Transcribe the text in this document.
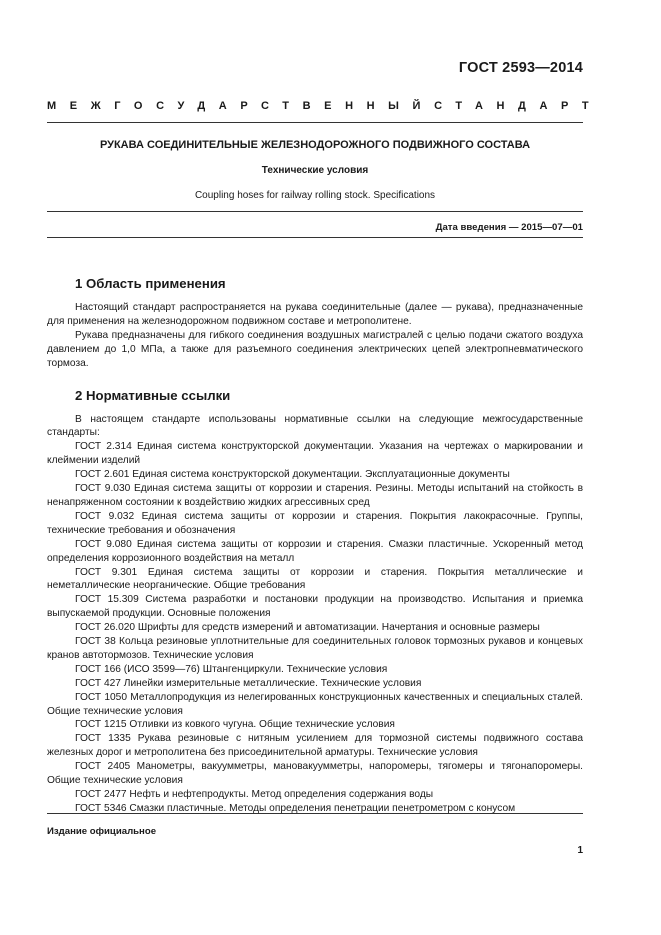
ГОСТ 2593—2014
МЕЖГОСУДАРСТВЕННЫЙ СТАНДАРТ
РУКАВА СОЕДИНИТЕЛЬНЫЕ ЖЕЛЕЗНОДОРОЖНОГО ПОДВИЖНОГО СОСТАВА
Технические условия
Coupling hoses for railway rolling stock. Specifications
Дата введения — 2015—07—01
1 Область применения

Настоящий стандарт распространяется на рукава соединительные (далее — рукава), предназначенные для применения на железнодорожном подвижном составе и метрополитене.

Рукава предназначены для гибкого соединения воздушных магистралей с целью подачи сжатого воздуха давлением до 1,0 МПа, а также для разъемного соединения электрических цепей электропневматического тормоза.

2 Нормативные ссылки

В настоящем стандарте использованы нормативные ссылки на следующие межгосударственные стандарты:

ГОСТ 2.314 Единая система конструкторской документации. Указания на чертежах о маркировании и клеймении изделий

ГОСТ 2.601 Единая система конструкторской документации. Эксплуатационные документы

ГОСТ 9.030 Единая система защиты от коррозии и старения. Резины. Методы испытаний на стойкость в ненапряженном состоянии к воздействию жидких агрессивных сред

ГОСТ 9.032 Единая система защиты от коррозии и старения. Покрытия лакокрасочные. Группы, технические требования и обозначения

ГОСТ 9.080 Единая система защиты от коррозии и старения. Смазки пластичные. Ускоренный метод определения коррозионного воздействия на металл

ГОСТ 9.301 Единая система защиты от коррозии и старения. Покрытия металлические и неметаллические неорганические. Общие требования

ГОСТ 15.309 Система разработки и постановки продукции на производство. Испытания и приемка выпускаемой продукции. Основные положения

ГОСТ 26.020 Шрифты для средств измерений и автоматизации. Начертания и основные размеры

ГОСТ 38 Кольца резиновые уплотнительные для соединительных головок тормозных рукавов и концевых кранов автотормозов. Технические условия

ГОСТ 166 (ИСО 3599—76) Штангенциркули. Технические условия

ГОСТ 427 Линейки измерительные металлические. Технические условия

ГОСТ 1050 Металлопродукция из нелегированных конструкционных качественных и специальных сталей. Общие технические условия

ГОСТ 1215 Отливки из ковкого чугуна. Общие технические условия

ГОСТ 1335 Рукава резиновые с нитяным усилением для тормозной системы подвижного состава железных дорог и метрополитена без присоединительной арматуры. Технические условия

ГОСТ 2405 Манометры, вакуумметры, мановакуумметры, напоромеры, тягомеры и тягонапоромеры. Общие технические условия

ГОСТ 2477 Нефть и нефтепродукты. Метод определения содержания воды

ГОСТ 5346 Смазки пластичные. Методы определения пенетрации пенетрометром с конусом

Издание официальное
1
